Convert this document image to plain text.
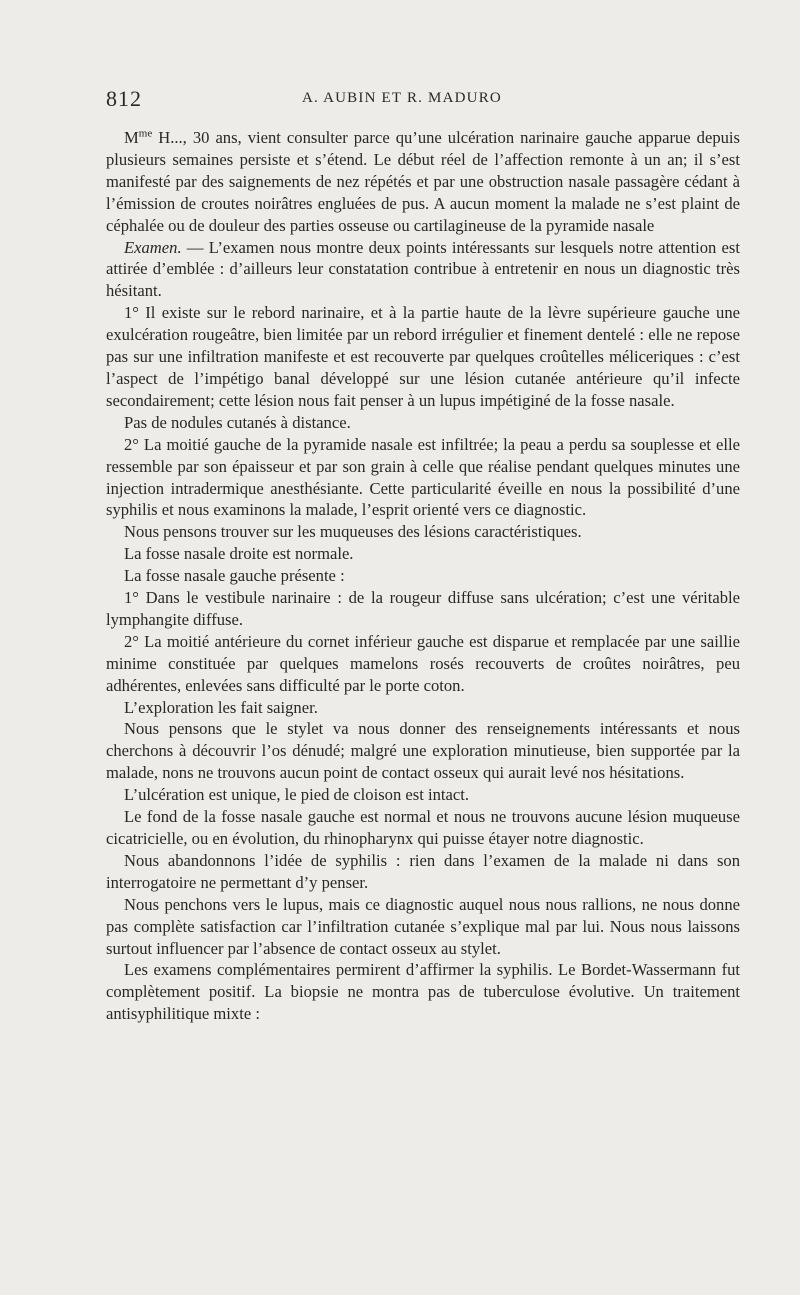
812	A. AUBIN ET R. MADURO

$M^{me}$ H..., 30 ans, vient consulter parce qu’une ulcération narinaire gauche apparue depuis plusieurs semaines persiste et s’étend. Le début réel de l’affection remonte à un an; il s’est manifesté par des saignements de nez répétés et par une obstruction nasale passagère cédant à l’émission de croutes noirâtres engluées de pus. A aucun moment la malade ne s’est plaint de céphalée ou de douleur des parties osseuse ou cartilagineuse de la pyramide nasale

Examen. — L’examen nous montre deux points intéressants sur lesquels notre attention est attirée d’emblée : d’ailleurs leur constatation contribue à entretenir en nous un diagnostic très hésitant.

1° Il existe sur le rebord narinaire, et à la partie haute de la lèvre supérieure gauche une exulcération rougeâtre, bien limitée par un rebord irrégulier et finement dentelé : elle ne repose pas sur une infiltration manifeste et est recouverte par quelques croûtelles méliceriques : c’est l’aspect de l’impétigo banal développé sur une lésion cutanée antérieure qu’il infecte secondairement; cette lésion nous fait penser à un lupus impétiginé de la fosse nasale.

Pas de nodules cutanés à distance.

2° La moitié gauche de la pyramide nasale est infiltrée; la peau a perdu sa souplesse et elle ressemble par son épaisseur et par son grain à celle que réalise pendant quelques minutes une injection intradermique anesthésiante. Cette particularité éveille en nous la possibilité d’une syphilis et nous examinons la malade, l’esprit orienté vers ce diagnostic.

Nous pensons trouver sur les muqueuses des lésions caractéristiques.

La fosse nasale droite est normale.

La fosse nasale gauche présente :

1° Dans le vestibule narinaire : de la rougeur diffuse sans ulcération; c’est une véritable lymphangite diffuse.

2° La moitié antérieure du cornet inférieur gauche est disparue et remplacée par une saillie minime constituée par quelques mamelons rosés recouverts de croûtes noirâtres, peu adhérentes, enlevées sans difficulté par le porte coton.

L’exploration les fait saigner.

Nous pensons que le stylet va nous donner des renseignements intéressants et nous cherchons à découvrir l’os dénudé; malgré une exploration minutieuse, bien supportée par la malade, nons ne trouvons aucun point de contact osseux qui aurait levé nos hésitations.

L’ulcération est unique, le pied de cloison est intact.

Le fond de la fosse nasale gauche est normal et nous ne trouvons aucune lésion muqueuse cicatricielle, ou en évolution, du rhinopharynx qui puisse étayer notre diagnostic.

Nous abandonnons l’idée de syphilis : rien dans l’examen de la malade ni dans son interrogatoire ne permettant d’y penser.

Nous penchons vers le lupus, mais ce diagnostic auquel nous nous rallions, ne nous donne pas complète satisfaction car l’infiltration cutanée s’explique mal par lui. Nous nous laissons surtout influencer par l’absence de contact osseux au stylet.

Les examens complémentaires permirent d’affirmer la syphilis. Le Bordet-Wassermann fut complètement positif. La biopsie ne montra pas de tuberculose évolutive. Un traitement antisyphilitique mixte :
